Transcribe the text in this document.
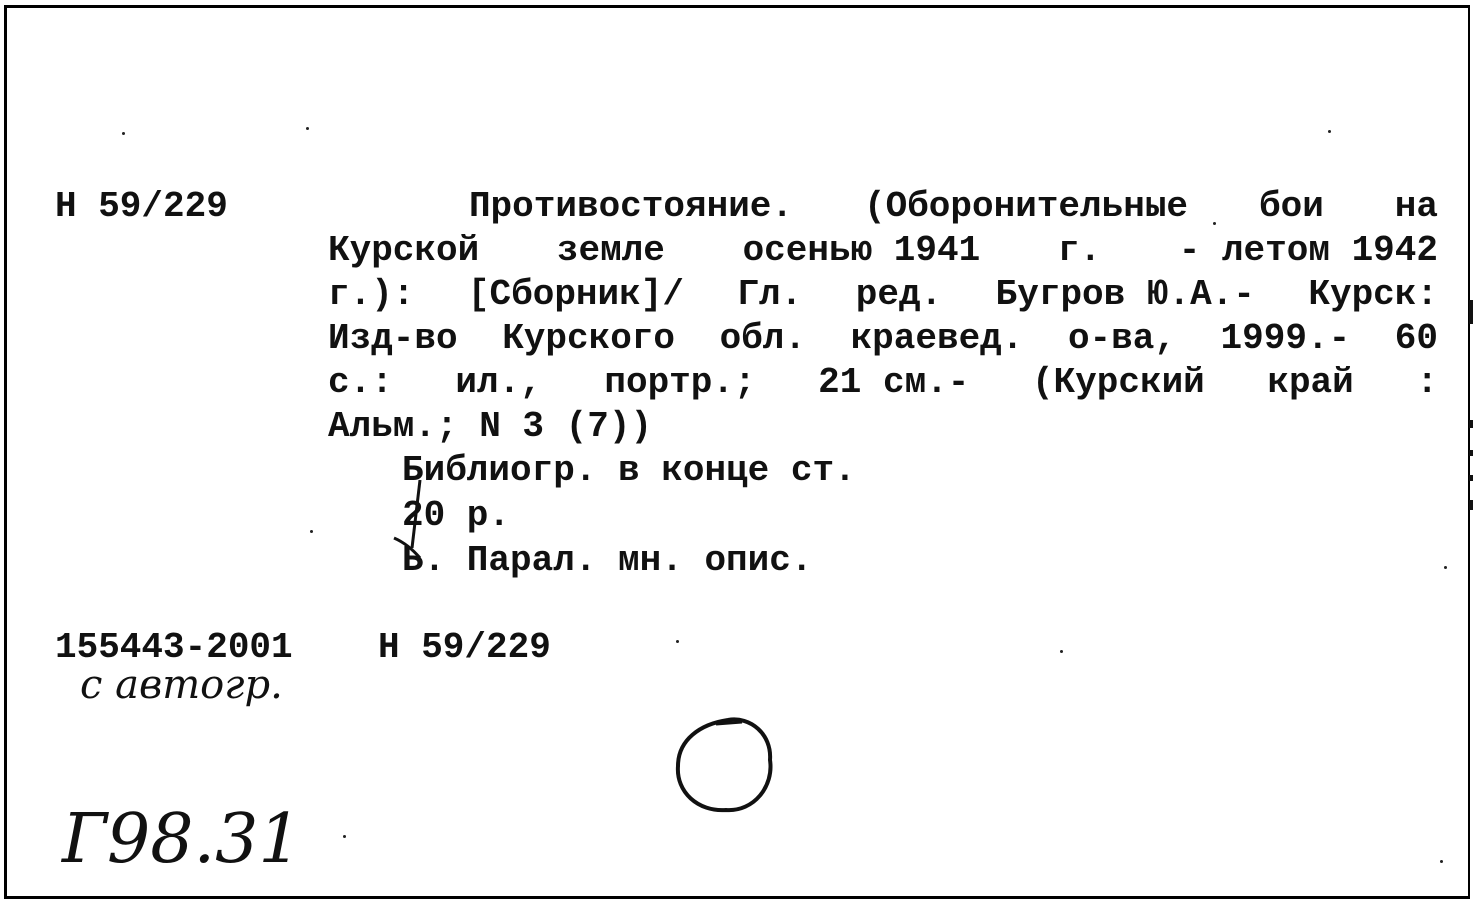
Н 59/229	Противостояние. (Оборонительные бои на
Курской земле осенью 1941 г. - летом 1942
г.): [Сборник]/ Гл. ред. Бугров Ю.А.- Курск:
Изд-во Курского обл. краевед. о-ва, 1999.- 60
с.: ил., портр.; 21 см.- (Курский край :
Альм.; N 3 (7))
Библиогр. в конце ст.
20 р.
Ь. Парал. мн. опис.
155443-2001 Н 59/229
с автогр.
Г98.31
